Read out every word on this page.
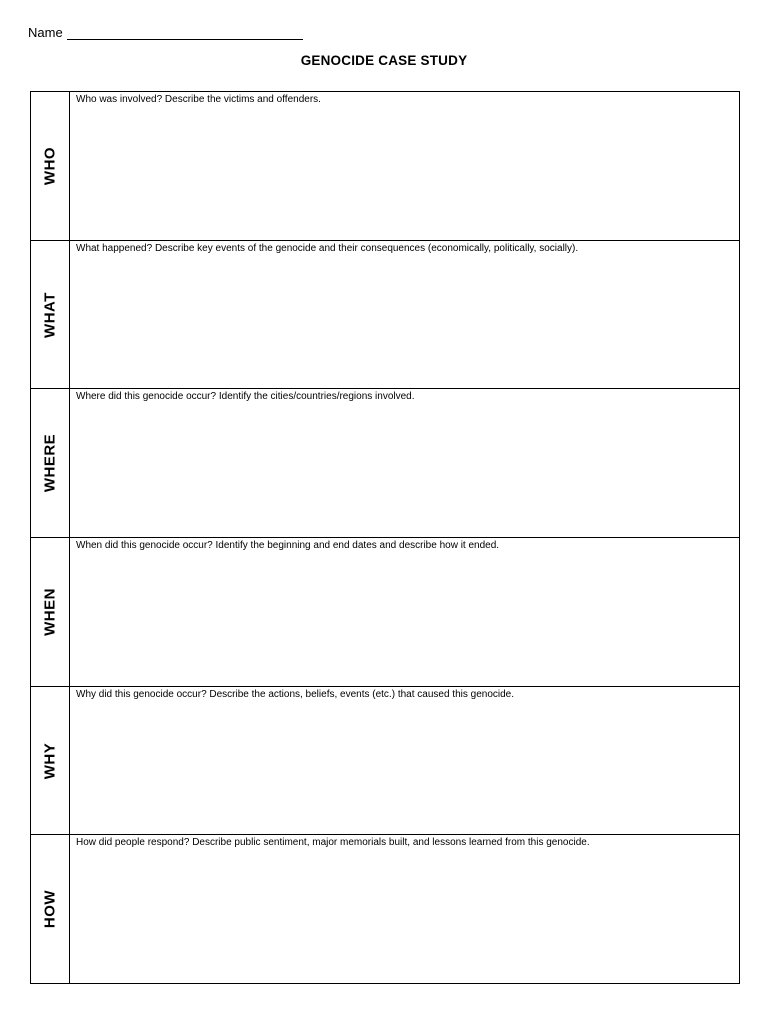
Name
GENOCIDE CASE STUDY
WHO
Who was involved? Describe the victims and offenders.
WHAT
What happened? Describe key events of the genocide and their consequences (economically, politically, socially).
WHERE
Where did this genocide occur? Identify the cities/countries/regions involved.
WHEN
When did this genocide occur? Identify the beginning and end dates and describe how it ended.
WHY
Why did this genocide occur? Describe the actions, beliefs, events (etc.) that caused this genocide.
HOW
How did people respond? Describe public sentiment, major memorials built, and lessons learned from this genocide.
